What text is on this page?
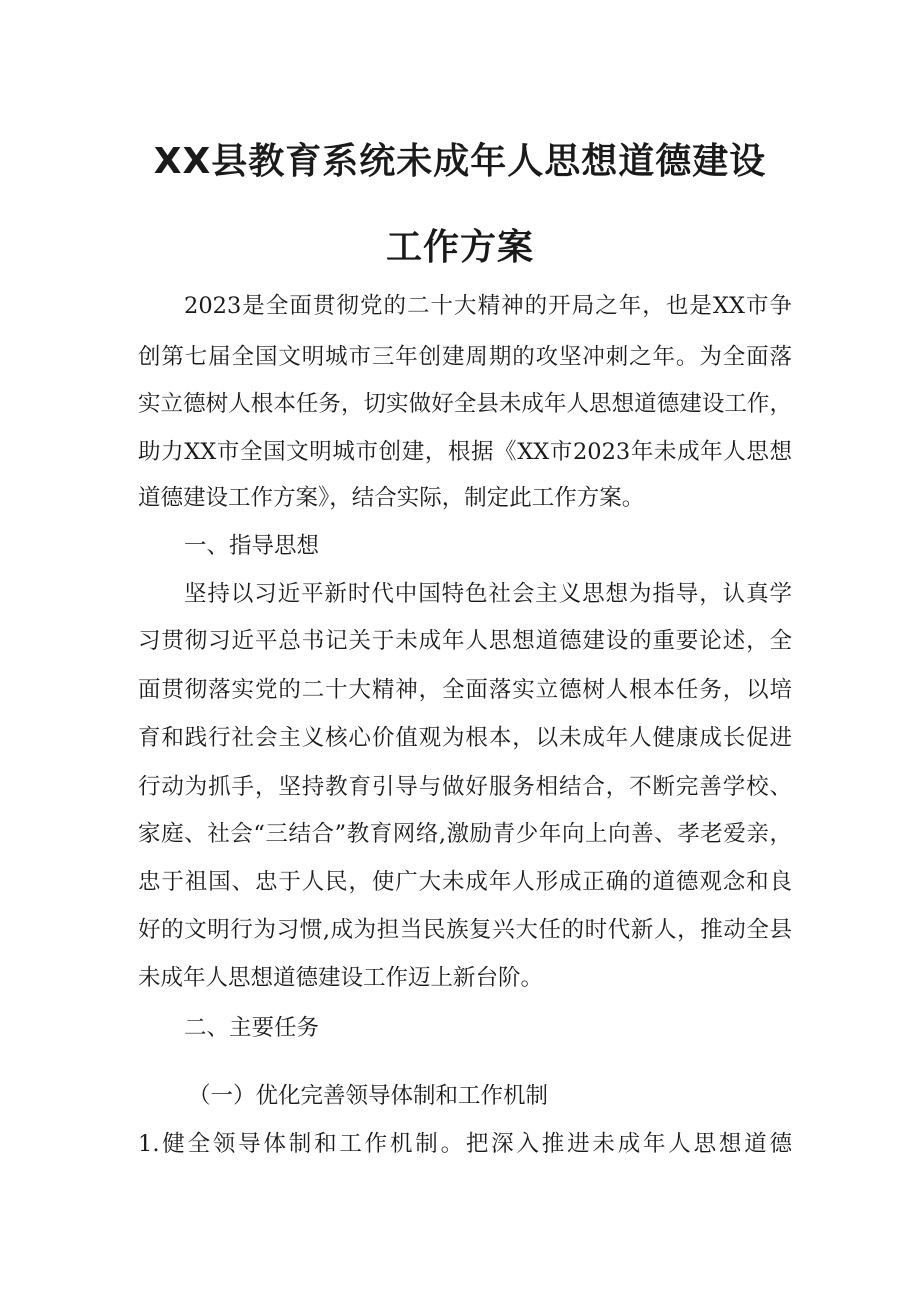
XX县教育系统未成年人思想道德建设
工作方案
2023是全面贯彻党的二十大精神的开局之年，也是XX市争
创第七届全国文明城市三年创建周期的攻坚冲刺之年。为全面落
实立德树人根本任务，切实做好全县未成年人思想道德建设工作，
助力XX市全国文明城市创建，根据《XX市2023年未成年人思想
道德建设工作方案》，结合实际，制定此工作方案。
一、指导思想
坚持以习近平新时代中国特色社会主义思想为指导，认真学
习贯彻习近平总书记关于未成年人思想道德建设的重要论述，全
面贯彻落实党的二十大精神，全面落实立德树人根本任务，以培
育和践行社会主义核心价值观为根本，以未成年人健康成长促进
行动为抓手，坚持教育引导与做好服务相结合，不断完善学校、
家庭、社会“三结合”教育网络,激励青少年向上向善、孝老爱亲，
忠于祖国、忠于人民，使广大未成年人形成正确的道德观念和良
好的文明行为习惯,成为担当民族复兴大任的时代新人，推动全县
未成年人思想道德建设工作迈上新台阶。
二、主要任务
（一）优化完善领导体制和工作机制
1.健全领导体制和工作机制。把深入推进未成年人思想道德
